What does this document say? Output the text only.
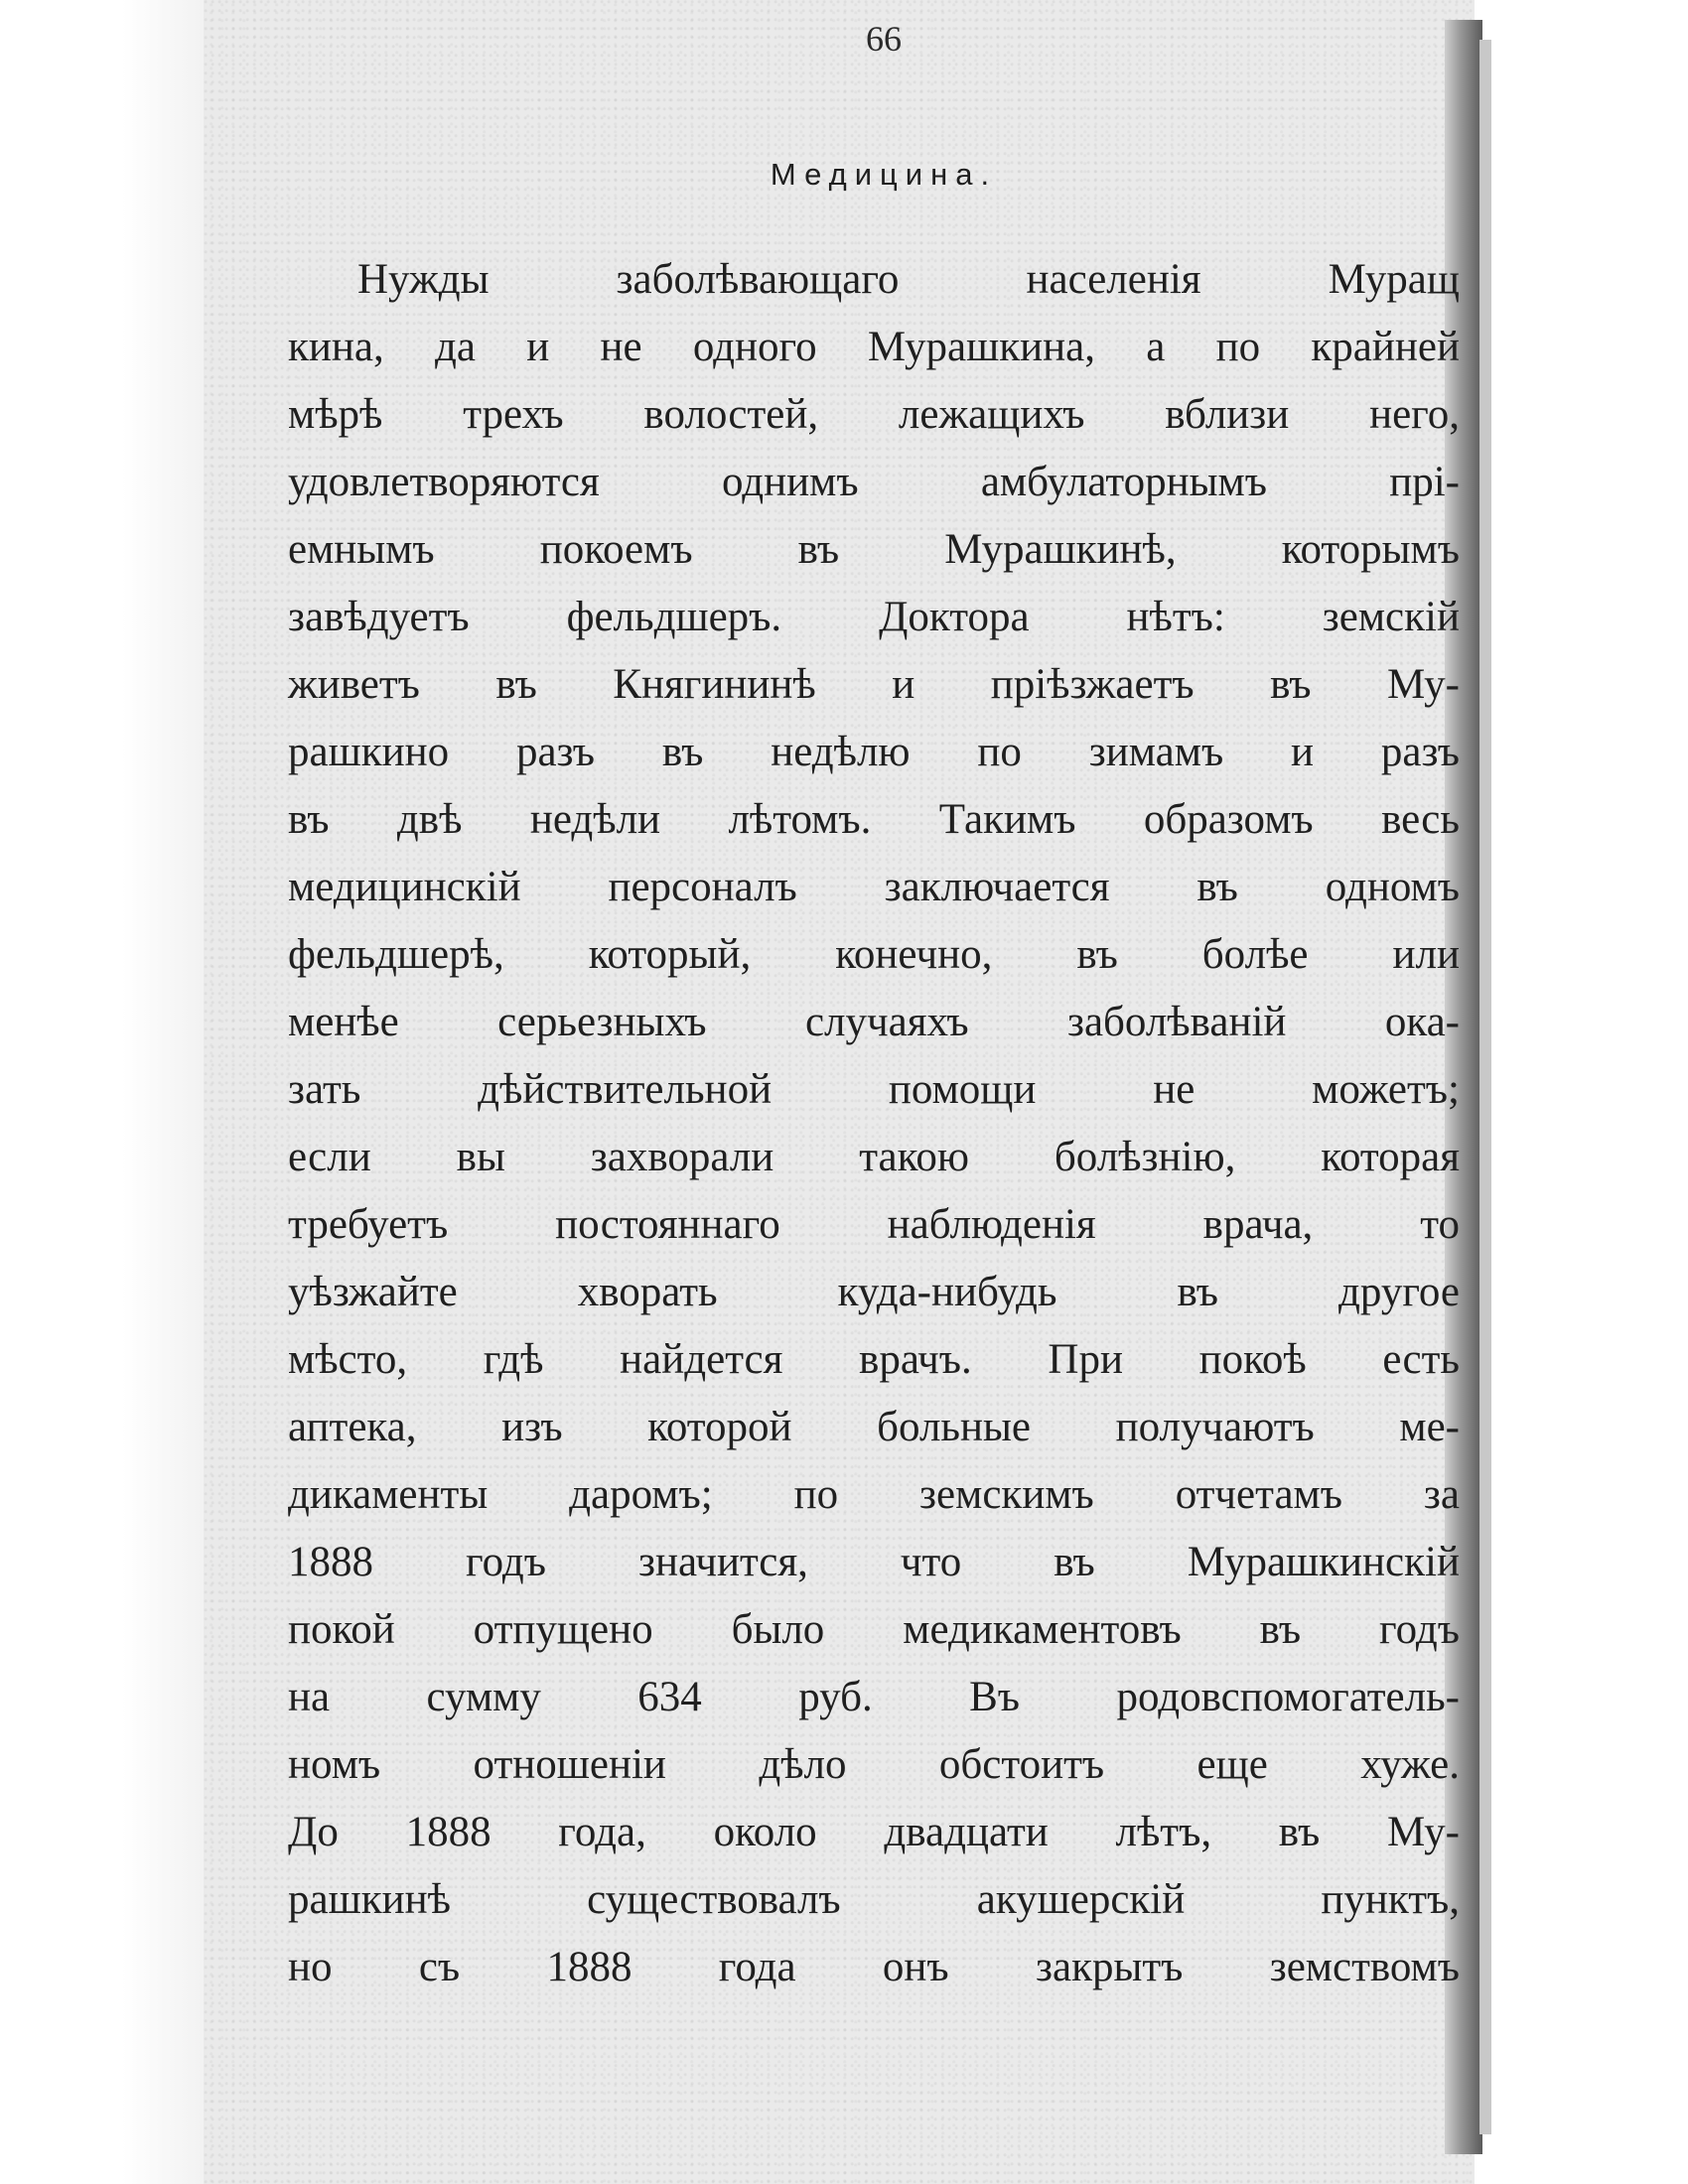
66
Медицина.
Нужды заболѣвающаго населенія Муращ
кина, да и не одного Мурашкина, а по крайней
мѣрѣ трехъ волостей, лежащихъ вблизи него,
удовлетворяются однимъ амбулаторнымъ прі-
емнымъ покоемъ въ Мурашкинѣ, которымъ
завѣдуетъ фельдшеръ. Доктора нѣтъ: земскій
живетъ въ Княгининѣ и пріѣзжаетъ въ Му-
рашкино разъ въ недѣлю по зимамъ и разъ
въ двѣ недѣли лѣтомъ. Такимъ образомъ весь
медицинскій персоналъ заключается въ одномъ
фельдшерѣ, который, конечно, въ болѣе или
менѣе серьезныхъ случаяхъ заболѣваній ока-
зать дѣйствительной помощи не можетъ;
если вы захворали такою болѣзнію, которая
требуетъ постояннаго наблюденія врача, то
уѣзжайте хворать куда-нибудь въ другое
мѣсто, гдѣ найдется врачъ. При покоѣ есть
аптека, изъ которой больные получаютъ ме-
дикаменты даромъ; по земскимъ отчетамъ за
1888 годъ значится, что въ Мурашкинскій
покой отпущено было медикаментовъ въ годъ
на сумму 634 руб. Въ родовспомогатель-
номъ отношеніи дѣло обстоитъ еще хуже.
До 1888 года, около двадцати лѣтъ, въ Му-
рашкинѣ существовалъ акушерскій пунктъ,
но съ 1888 года онъ закрытъ земствомъ
